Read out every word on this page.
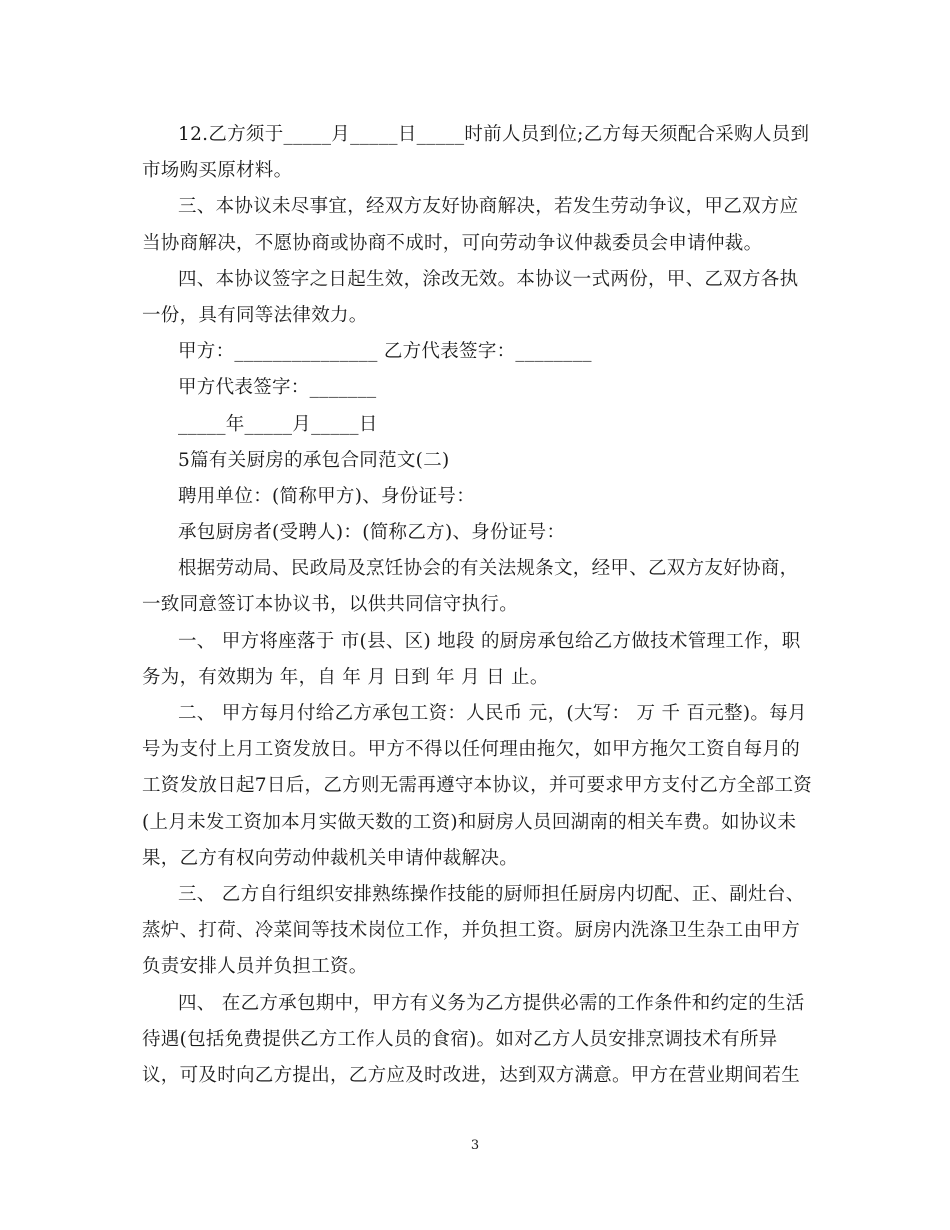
12.乙方须于_____月_____日_____时前人员到位;乙方每天须配合采购人员到
市场购买原材料。
三、本协议未尽事宜，经双方友好协商解决，若发生劳动争议，甲乙双方应
当协商解决，不愿协商或协商不成时，可向劳动争议仲裁委员会申请仲裁。
四、本协议签字之日起生效，涂改无效。本协议一式两份，甲、乙双方各执
一份，具有同等法律效力。
甲方：_______________ 乙方代表签字：________
甲方代表签字：_______
_____年_____月_____日
5篇有关厨房的承包合同范文(二)
聘用单位：(简称甲方)、身份证号：
承包厨房者(受聘人)：(简称乙方)、身份证号：
根据劳动局、民政局及烹饪协会的有关法规条文，经甲、乙双方友好协商，
一致同意签订本协议书，以供共同信守执行。
一、 甲方将座落于 市(县、区) 地段 的厨房承包给乙方做技术管理工作，职
务为，有效期为 年，自 年 月 日到 年 月 日 止。
二、 甲方每月付给乙方承包工资：人民币 元，(大写： 万 千 百元整)。每月
号为支付上月工资发放日。甲方不得以任何理由拖欠，如甲方拖欠工资自每月的
工资发放日起7日后，乙方则无需再遵守本协议，并可要求甲方支付乙方全部工资
(上月未发工资加本月实做天数的工资)和厨房人员回湖南的相关车费。如协议未
果，乙方有权向劳动仲裁机关申请仲裁解决。
三、 乙方自行组织安排熟练操作技能的厨师担任厨房内切配、正、副灶台、
蒸炉、打荷、冷菜间等技术岗位工作，并负担工资。厨房内洗涤卫生杂工由甲方
负责安排人员并负担工资。
四、 在乙方承包期中，甲方有义务为乙方提供必需的工作条件和约定的生活
待遇(包括免费提供乙方工作人员的食宿)。如对乙方人员安排烹调技术有所异
议，可及时向乙方提出，乙方应及时改进，达到双方满意。甲方在营业期间若生
3
